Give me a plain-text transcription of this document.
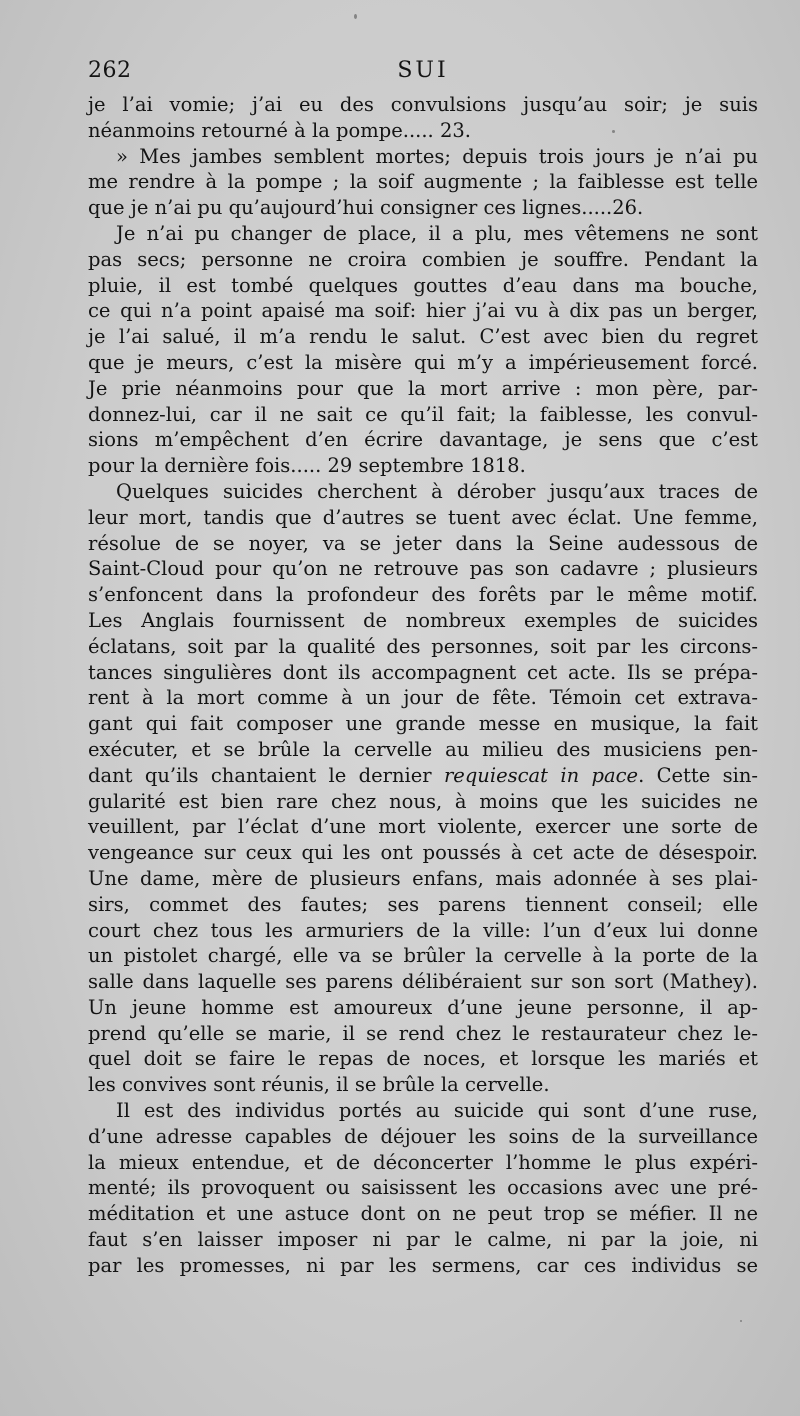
262	SUI
je l’ai vomie; j’ai eu des convulsions jusqu’au soir; je suis
néanmoins retourné à la pompe..... 23.
» Mes jambes semblent mortes; depuis trois jours je n’ai pu
me rendre à la pompe ; la soif augmente ; la faiblesse est telle
que je n’ai pu qu’aujourd’hui consigner ces lignes.....26.
Je n’ai pu changer de place, il a plu, mes vêtemens ne sont
pas secs; personne ne croira combien je souffre. Pendant la
pluie, il est tombé quelques gouttes d’eau dans ma bouche,
ce qui n’a point apaisé ma soif: hier j’ai vu à dix pas un berger,
je l’ai salué, il m’a rendu le salut. C’est avec bien du regret
que je meurs, c’est la misère qui m’y a impérieusement forcé.
Je prie néanmoins pour que la mort arrive : mon père, par-
donnez-lui, car il ne sait ce qu’il fait; la faiblesse, les convul-
sions m’empêchent d’en écrire davantage, je sens que c’est
pour la dernière fois..... 29 septembre 1818.
Quelques suicides cherchent à dérober jusqu’aux traces de
leur mort, tandis que d’autres se tuent avec éclat. Une femme,
résolue de se noyer, va se jeter dans la Seine audessous de
Saint-Cloud pour qu’on ne retrouve pas son cadavre ; plusieurs
s’enfoncent dans la profondeur des forêts par le même motif.
Les Anglais fournissent de nombreux exemples de suicides
éclatans, soit par la qualité des personnes, soit par les circons-
tances singulières dont ils accompagnent cet acte. Ils se prépa-
rent à la mort comme à un jour de fête. Témoin cet extrava-
gant qui fait composer une grande messe en musique, la fait
exécuter, et se brûle la cervelle au milieu des musiciens pen-
dant qu’ils chantaient le dernier requiescat in pace. Cette sin-
gularité est bien rare chez nous, à moins que les suicides ne
veuillent, par l’éclat d’une mort violente, exercer une sorte de
vengeance sur ceux qui les ont poussés à cet acte de désespoir.
Une dame, mère de plusieurs enfans, mais adonnée à ses plai-
sirs, commet des fautes; ses parens tiennent conseil; elle
court chez tous les armuriers de la ville: l’un d’eux lui donne
un pistolet chargé, elle va se brûler la cervelle à la porte de la
salle dans laquelle ses parens délibéraient sur son sort (Mathey).
Un jeune homme est amoureux d’une jeune personne, il ap-
prend qu’elle se marie, il se rend chez le restaurateur chez le-
quel doit se faire le repas de noces, et lorsque les mariés et
les convives sont réunis, il se brûle la cervelle.
Il est des individus portés au suicide qui sont d’une ruse,
d’une adresse capables de déjouer les soins de la surveillance
la mieux entendue, et de déconcerter l’homme le plus expéri-
menté; ils provoquent ou saisissent les occasions avec une pré-
méditation et une astuce dont on ne peut trop se méfier. Il ne
faut s’en laisser imposer ni par le calme, ni par la joie, ni
par les promesses, ni par les sermens, car ces individus se
